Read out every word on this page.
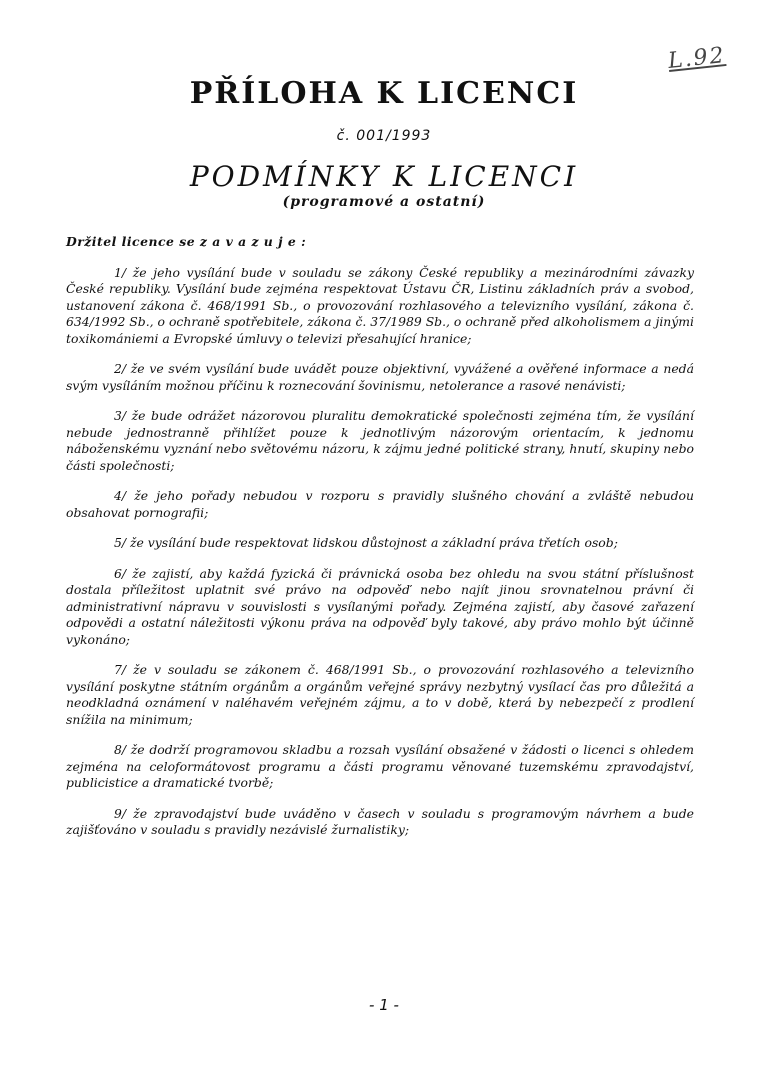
L.92
PŘÍLOHA K LICENCI
č. 001/1993
PODMÍNKY K LICENCI
(programové a ostatní)

Držitel licence se z a v a z u j e :

1/ že jeho vysílání bude v souladu se zákony České republiky a mezinárodními závazky České republiky. Vysílání bude zejména respektovat Ústavu ČR, Listinu základních práv a svobod, ustanovení zákona č. 468/1991 Sb., o provozování rozhlasového a televizního vysílání, zákona č. 634/1992 Sb., o ochraně spotřebitele, zákona č. 37/1989 Sb., o ochraně před alkoholismem a jinými toxikomániemi a Evropské úmluvy o televizi přesahující hranice;

2/ že ve svém vysílání bude uvádět pouze objektivní, vyvážené a ověřené informace a nedá svým vysíláním možnou příčinu k roznecování šovinismu, netolerance a rasové nenávisti;

3/ že bude odrážet názorovou pluralitu demokratické společnosti zejména tím, že vysílání nebude jednostranně přihlížet pouze k jednotlivým názorovým orientacím, k jednomu náboženskému vyznání nebo světovému názoru, k zájmu jedné politické strany, hnutí, skupiny nebo části společnosti;

4/ že jeho pořady nebudou v rozporu s pravidly slušného chování a zvláště nebudou obsahovat pornografii;

5/ že vysílání bude respektovat lidskou důstojnost a základní práva třetích osob;

6/ že zajistí, aby každá fyzická či právnická osoba bez ohledu na svou státní příslušnost dostala příležitost uplatnit své právo na odpověď nebo najít jinou srovnatelnou právní či administrativní nápravu v souvislosti s vysílanými pořady. Zejména zajistí, aby časové zařazení odpovědi a ostatní náležitosti výkonu práva na odpověď byly takové, aby právo mohlo být účinně vykonáno;

7/ že v souladu se zákonem č. 468/1991 Sb., o provozování rozhlasového a televizního vysílání poskytne státním orgánům a orgánům veřejné správy nezbytný vysílací čas pro důležitá a neodkladná oznámení v naléhavém veřejném zájmu, a to v době, která by nebezpečí z prodlení snížila na minimum;

8/ že dodrží programovou skladbu a rozsah vysílání obsažené v žádosti o licenci s ohledem zejména na celoformátovost programu a části programu věnované tuzemskému zpravodajství, publicistice a dramatické tvorbě;

9/ že zpravodajství bude uváděno v časech v souladu s programovým návrhem a bude zajišťováno v souladu s pravidly nezávislé žurnalistiky;

- 1 -
